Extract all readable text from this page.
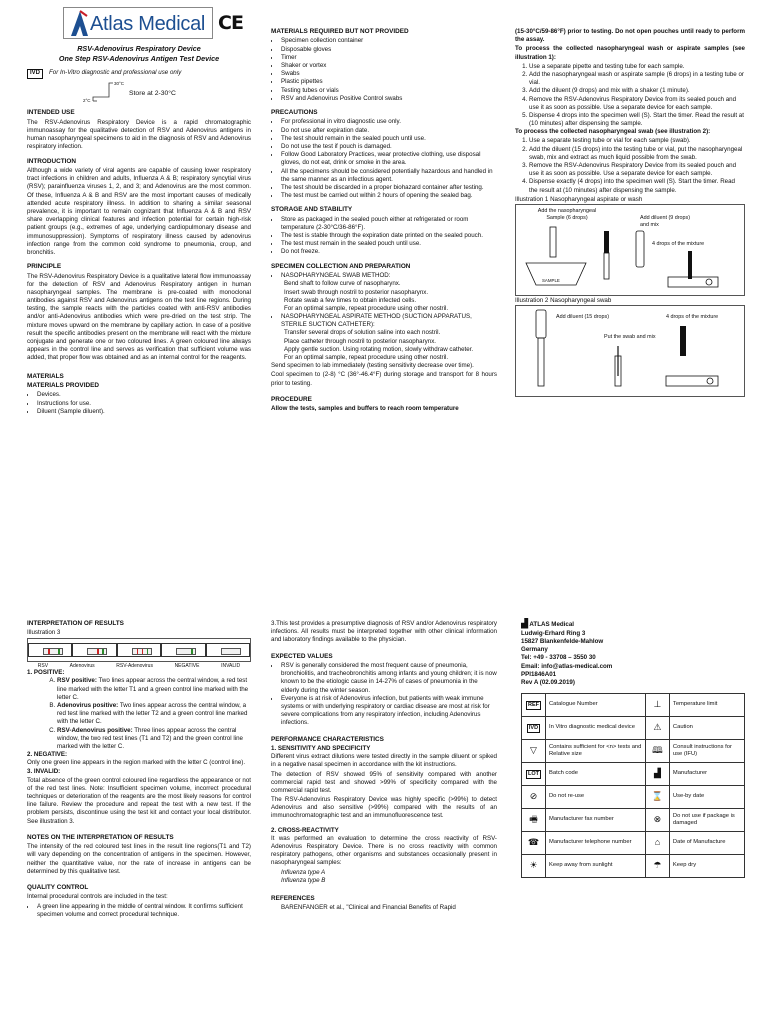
Atlas Medical CE
RSV-Adenovirus Respiratory Device
One Step RSV-Adenovirus Antigen Test Device
IVD For In-Vitro diagnostic and professional use only
30°C
2°C
Store at 2-30°C
INTENDED USE

The RSV-Adenovirus Respiratory Device is a rapid chromatographic immunoassay for the qualitative detection of RSV and Adenovirus antigens in human nasopharyngeal specimens to aid in the diagnosis of RSV and Adenovirus respiratory infection.

INTRODUCTION

Although a wide variety of viral agents are capable of causing lower respiratory tract infections in children and adults, Influenza A & B; respiratory syncytial virus (RSV); parainfluenza viruses 1, 2, and 3; and Adenovirus are the most common. Of these, Influenza A & B and RSV are the most important causes of medically attended acute respiratory illness. In addition to sharing a similar seasonal prevalence, it is important to remain cognizant that Influenza A & B and RSV share overlapping clinical features and infection potential for certain high-risk patient groups (e.g., extremes of age, underlying cardiopulmonary disease and immunosuppression). Symptoms of respiratory illness caused by adenovirus infection range from the common cold syndrome to pneumonia, croup, and bronchitis.

PRINCIPLE

The RSV-Adenovirus Respiratory Device is a qualitative lateral flow immunoassay for the detection of RSV and Adenovirus Respiratory antigen in human nasopharyngeal samples. The membrane is pre-coated with monoclonal antibodies against RSV and Adenovirus antigens on the test line regions. During testing, the sample reacts with the particles coated with anti-RSV antibodies and/or anti-Adenovirus antibodies which were pre-dried on the test strip. The mixture moves upward on the membrane by capillary action. In case of a positive result the specific antibodies present on the membrane will react with the mixture conjugate and generate one or two coloured lines. A green coloured line always appears in the control line and serves as verification that sufficient volume was added, that proper flow was obtained and as an internal control for the reagents.

MATERIALS
MATERIALS PROVIDED
• Devices.
• Instructions for use.
• Diluent (Sample diluent).
MATERIALS REQUIRED BUT NOT PROVIDED
• Specimen collection container
• Disposable gloves
• Timer
• Shaker or vortex
• Swabs
• Plastic pipettes
• Testing tubes or vials
• RSV and Adenovirus Positive Control swabs
PRECAUTIONS
• For professional in vitro diagnostic use only.
• Do not use after expiration date.
• The test should remain in the sealed pouch until use.
• Do not use the test if pouch is damaged.
• Follow Good Laboratory Practices, wear protective clothing, use disposal gloves, do not eat, drink or smoke in the area.
• All the specimens should be considered potentially hazardous and handled in the same manner as an infectious agent.
• The test should be discarded in a proper biohazard container after testing.
• The test must be carried out within 2 hours of opening the sealed bag.
STORAGE AND STABILITY
• Store as packaged in the sealed pouch either at refrigerated or room temperature (2-30°C/36-86°F).
• The test is stable through the expiration date printed on the sealed pouch.
• The test must remain in the sealed pouch until use.
• Do not freeze.
SPECIMEN COLLECTION AND PREPARATION
• NASOPHARYNGEAL SWAB METHOD:
Bend shaft to follow curve of nasopharynx.
Insert swab through nostril to posterior nasopharynx.
Rotate swab a few times to obtain infected cells.
For an optimal sample, repeat procedure using other nostril.
• NASOPHARYNGEAL ASPIRATE METHOD (SUCTION APPARATUS, STERILE SUCTION CATHETER):
Transfer several drops of solution saline into each nostril.
Place catheter through nostril to posterior nasopharynx.
Apply gentle suction. Using rotating motion, slowly withdraw catheter.
For an optimal sample, repeat procedure using other nostril.

Send specimen to lab immediately (testing sensitivity decrease over time).

Cool specimen to (2-8) °C (36°-46.4°F) during storage and transport for 8 hours prior to testing.

PROCEDURE

Allow the tests, samples and buffers to reach room temperature

(15-30°C/59-86°F) prior to testing. Do not open pouches until ready to perform the assay.

To process the collected nasopharyngeal wash or aspirate samples (see illustration 1):

1. Use a separate pipette and testing tube for each sample.
2. Add the nasopharyngeal wash or aspirate sample (6 drops) in a testing tube or vial.
3. Add the diluent (9 drops) and mix with a shaker (1 minute).
4. Remove the RSV-Adenovirus Respiratory Device from its sealed pouch and use it as soon as possible. Use a separate device for each sample.
5. Dispense 4 drops into the specimen well (S). Start the timer. Read the result at (10 minutes) after dispensing the sample.

To process the collected nasopharyngeal swab (see illustration 2):

1. Use a separate testing tube or vial for each sample (swab).
2. Add the diluent (15 drops) into the testing tube or vial, put the nasopharyngeal swab, mix and extract as much liquid possible from the swab.
3. Remove the RSV-Adenovirus Respiratory Device from its sealed pouch and use it as soon as possible. Use a separate device for each sample.
4. Dispense exactly (4 drops) into the specimen well (S). Start the timer. Read the result at (10 minutes) after dispensing the sample.
Illustration 1 Nasopharyngeal aspirate or wash
Add the nasopharyngeal Sample (6 drops)	Add diluent (9 drops) and mix
4 drops of the mixture
SAMPLE
Illustration 2 Nasopharyngeal swab
Add diluent (15 drops)	4 drops of the mixture
Put the swab and mix
INTERPRETATION OF RESULTS
Illustration 3
RSV	Adenovirus	RSV-Adenovirus	NEGATIVE	INVALID
1. POSITIVE:
A. RSV positive: Two lines appear across the central window, a red test line marked with the letter T1 and a green control line marked with the letter C.
B. Adenovirus positive: Two lines appear across the central window, a red test line marked with the letter T2 and a green control line marked with the letter C.
C. RSV-Adenovirus positive: Three lines appear across the central window, the two red test lines (T1 and T2) and the green control line marked with the letter C.
2. NEGATIVE:

Only one green line appears in the region marked with the letter C (control line).

3. INVALID:

Total absence of the green control coloured line regardless the appearance or not of the red test lines. Note: Insufficient specimen volume, incorrect procedural techniques or deterioration of the reagents are the most likely reasons for control line failure. Review the procedure and repeat the test with a new test. If the problem persists, discontinue using the test kit and contact your local distributor. See illustration 3.

NOTES ON THE INTERPRETATION OF RESULTS

The intensity of the red coloured test lines in the result line regions(T1 and T2) will vary depending on the concentration of antigens in the specimen. However, neither the quantitative value, nor the rate of increase in antigens can be determined by this qualitative test.

QUALITY CONTROL

Internal procedural controls are included in the test:

• A green line appearing in the middle of central window. It confirms sufficient specimen volume and correct procedural technique.

3.This test provides a presumptive diagnosis of RSV and/or Adenovirus respiratory infections. All results must be interpreted together with other clinical information and laboratory findings available to the physician.

EXPECTED VALUES
• RSV is generally considered the most frequent cause of pneumonia, bronchiolitis, and tracheobronchitis among infants and young children; it is now known to be the etiologic cause in 14-27% of cases of pneumonia in the elderly during the winter season.
• Everyone is at risk of Adenovirus infection, but patients with weak immune systems or with underlying respiratory or cardiac disease are most at risk for severe complications from any respiratory infection, including Adenovirus infections.
PERFORMANCE CHARACTERISTICS
1. SENSITIVITY AND SPECIFICITY

Different virus extract dilutions were tested directly in the sample diluent or spiked in a negative nasal specimen in accordance with the kit instructions.

The detection of RSV showed 95% of sensitivity compared with another commercial rapid test and showed >99% of specificity compared with the commercial rapid test.

The RSV-Adenovirus Respiratory Device was highly specific (>99%) to detect Adenovirus and also sensitive (>99%) compared with the results of an immunochromatographic test and an immunofluorescence test.

2. CROSS-REACTIVITY

It was performed an evaluation to determine the cross reactivity of RSV-Adenovirus Respiratory Device. There is no cross reactivity with common respiratory pathogens, other organisms and substances occasionally present in nasopharyngeal samples:

Influenza type A
Influenza type B
REFERENCES

BARENFANGER et al., "Clinical and Financial Benefits of Rapid

▟ ATLAS Medical
Ludwig-Erhard Ring 3
15827 Blankenfelde-Mahlow
Germany
Tel: +49 - 33708 – 3550 30
Email: info@atlas-medical.com
PPI1846A01
Rev A (02.09.2019)
REF	Catalogue Number	⊥	Temperature limit
IVD	In Vitro diagnostic medical device	⚠	Caution
▽	Contains sufficient for <n> tests and Relative size	🕮	Consult instructions for use (IFU)
LOT	Batch code	▟	Manufacturer
⊘	Do not re-use	⌛	Use-by date
🖷	Manufacturer fax number	⊗	Do not use if package is damaged
☎	Manufacturer telephone number	⌂	Date of Manufacture
☀	Keep away from sunlight	☂	Keep dry
